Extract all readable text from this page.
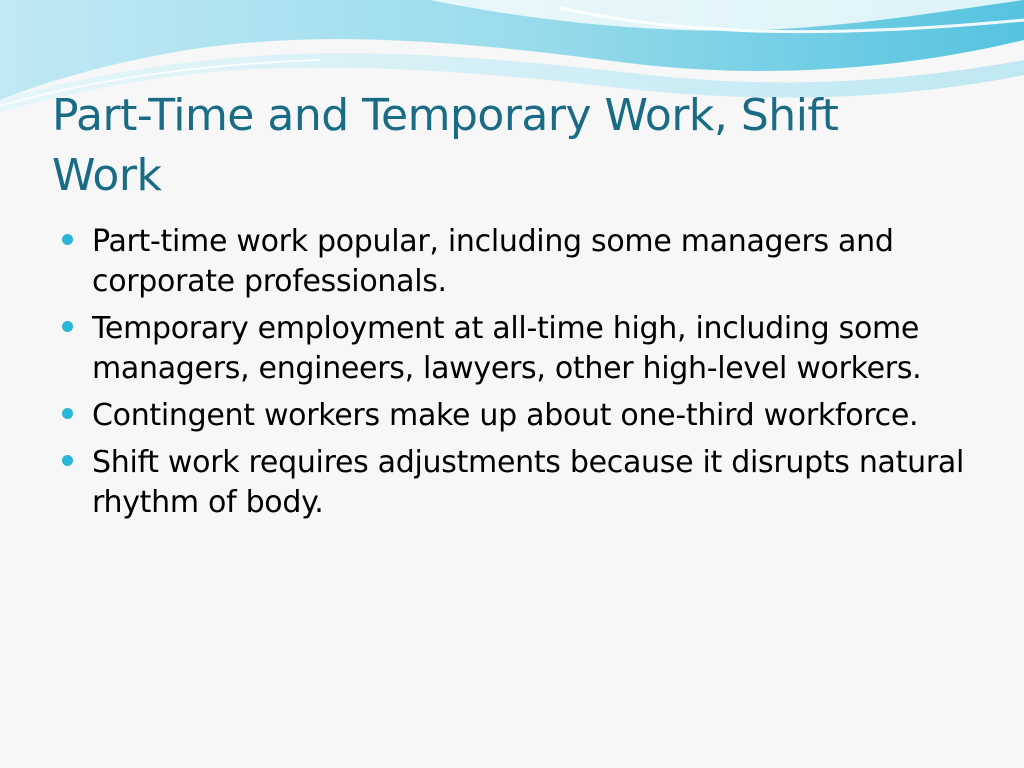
Part-Time and Temporary Work, Shift Work
Part-time work popular, including some managers and corporate professionals.
Temporary employment at all-time high, including some managers, engineers, lawyers, other high-level workers.
Contingent workers make up about one-third workforce.
Shift work requires adjustments because it disrupts natural rhythm of body.
